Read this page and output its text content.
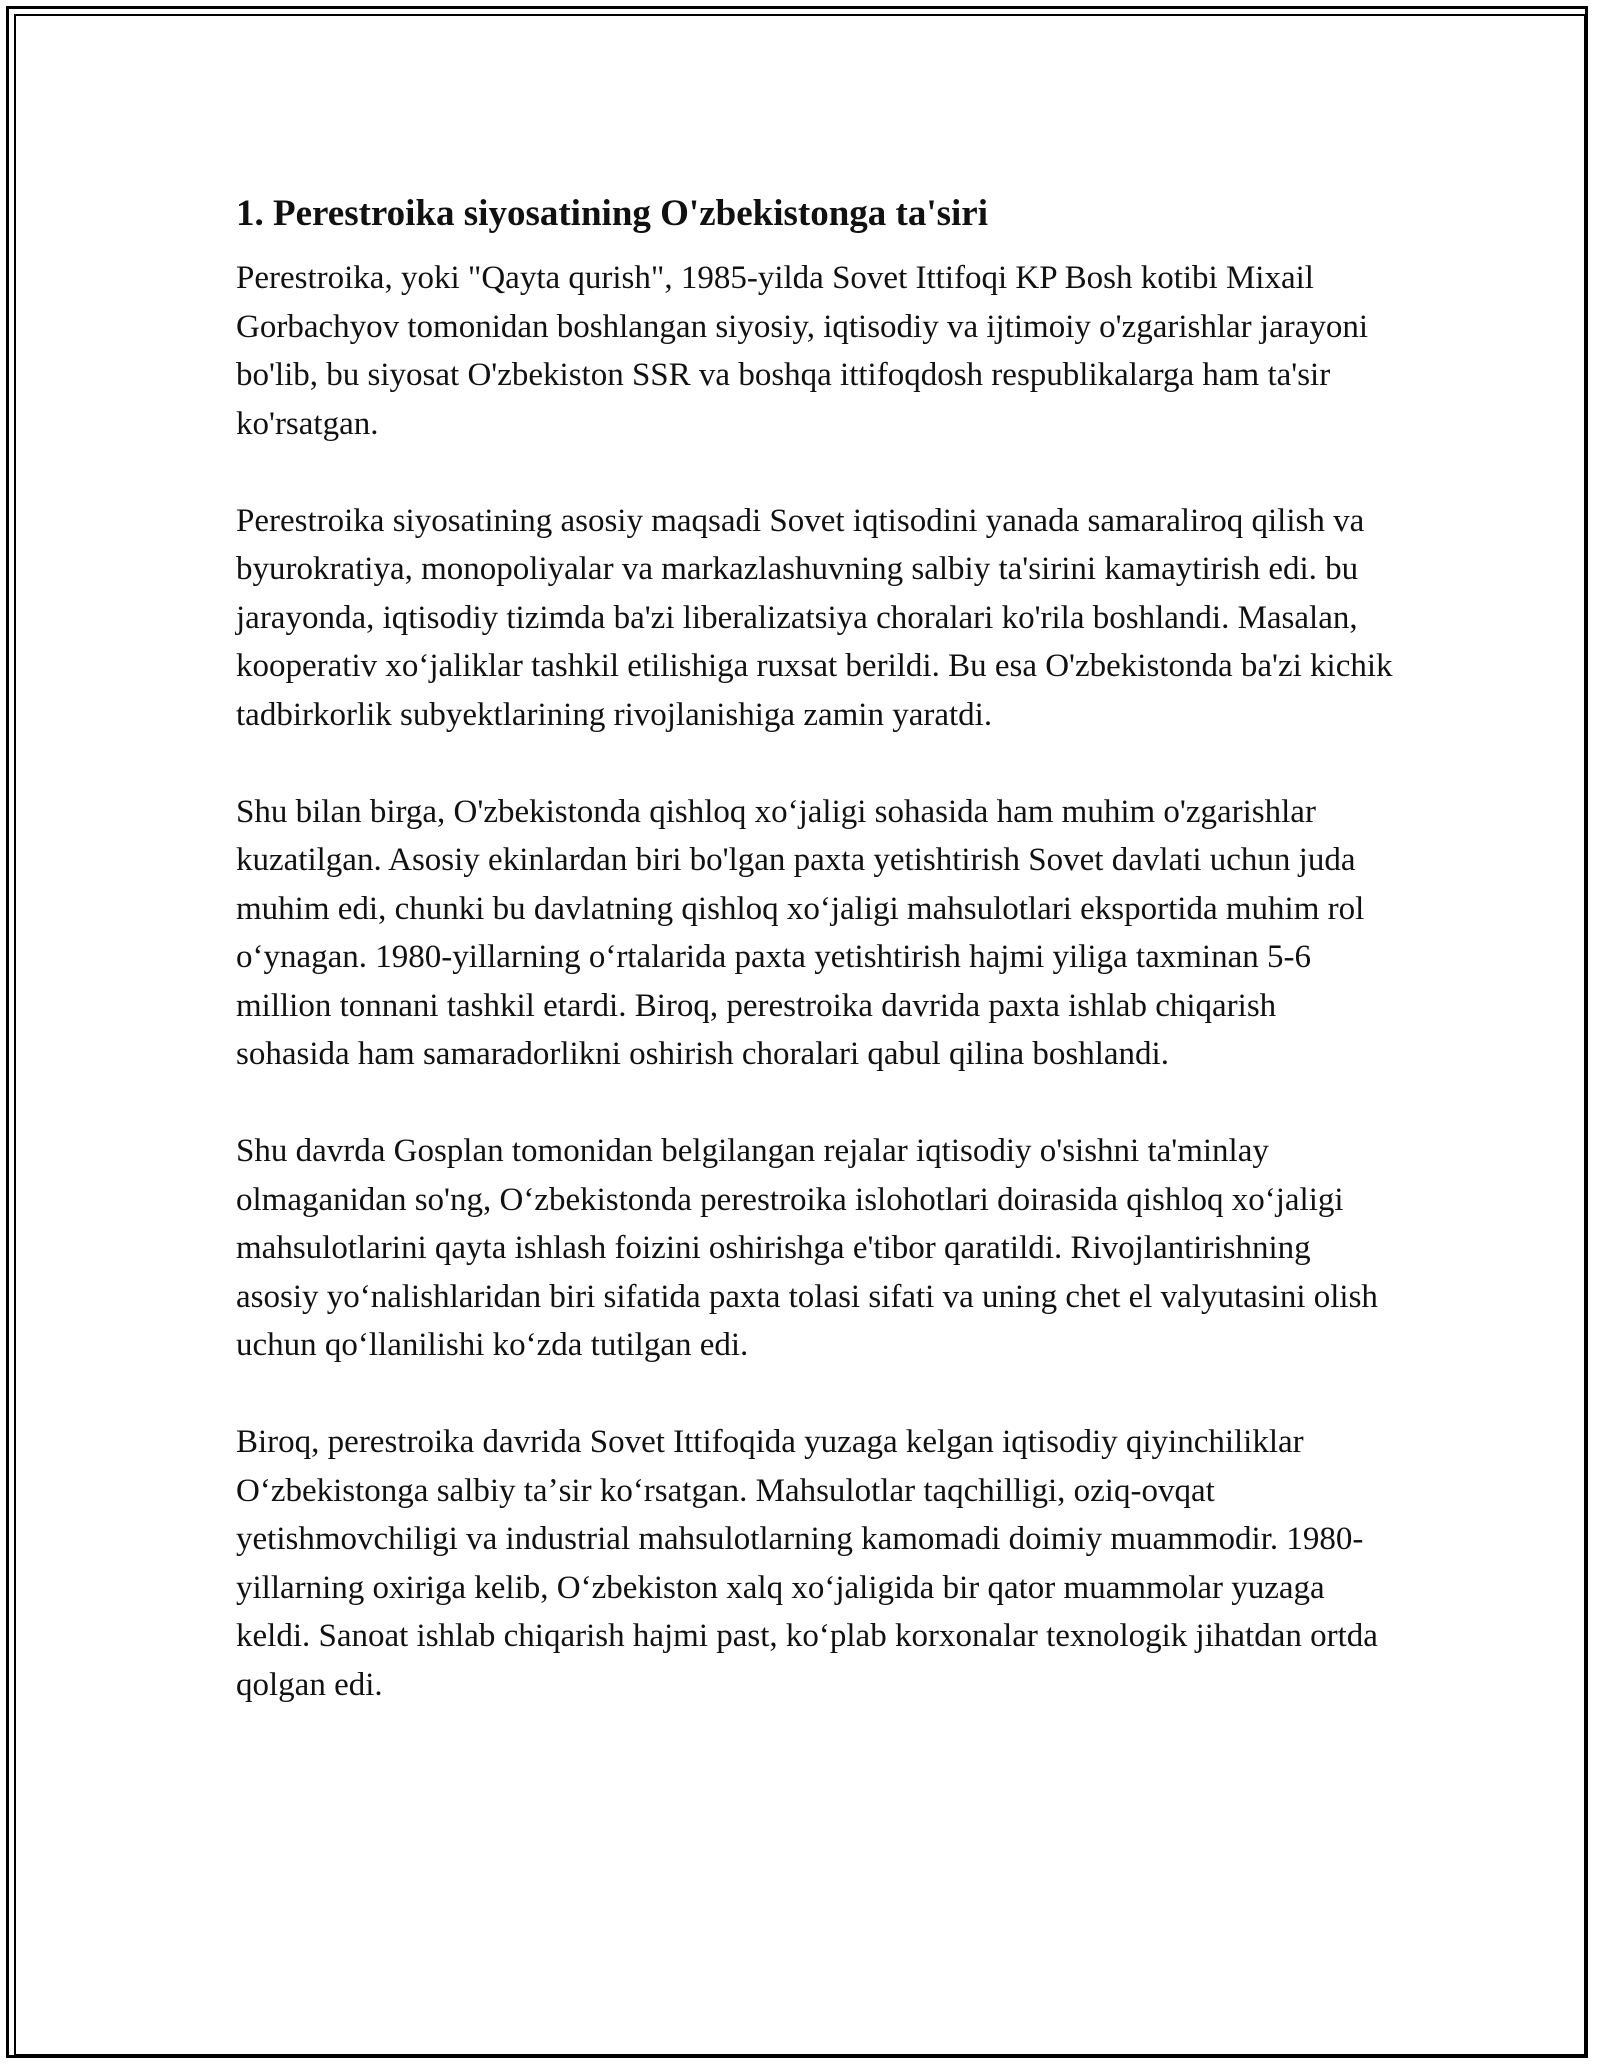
1. Perestroika siyosatining O'zbekistonga ta'siri

Perestroika, yoki "Qayta qurish", 1985-yilda Sovet Ittifoqi KP Bosh kotibi Mixail Gorbachyov tomonidan boshlangan siyosiy, iqtisodiy va ijtimoiy o'zgarishlar jarayoni bo'lib, bu siyosat O'zbekiston SSR va boshqa ittifoqdosh respublikalarga ham ta'sir ko'rsatgan.

Perestroika siyosatining asosiy maqsadi Sovet iqtisodini yanada samaraliroq qilish va byurokratiya, monopoliyalar va markazlashuvning salbiy ta'sirini kamaytirish edi. bu jarayonda, iqtisodiy tizimda ba'zi liberalizatsiya choralari ko'rila boshlandi. Masalan, kooperativ xoʻjaliklar tashkil etilishiga ruxsat berildi. Bu esa O'zbekistonda ba'zi kichik tadbirkorlik subyektlarining rivojlanishiga zamin yaratdi.

Shu bilan birga, O'zbekistonda qishloq xoʻjaligi sohasida ham muhim o'zgarishlar kuzatilgan. Asosiy ekinlardan biri bo'lgan paxta yetishtirish Sovet davlati uchun juda muhim edi, chunki bu davlatning qishloq xoʻjaligi mahsulotlari eksportida muhim rol oʻynagan. 1980-yillarning oʻrtalarida paxta yetishtirish hajmi yiliga taxminan 5-6 million tonnani tashkil etardi. Biroq, perestroika davrida paxta ishlab chiqarish sohasida ham samaradorlikni oshirish choralari qabul qilina boshlandi.

Shu davrda Gosplan tomonidan belgilangan rejalar iqtisodiy o'sishni ta'minlay olmaganidan so'ng, Oʻzbekistonda perestroika islohotlari doirasida qishloq xoʻjaligi mahsulotlarini qayta ishlash foizini oshirishga e'tibor qaratildi. Rivojlantirishning asosiy yoʻnalishlaridan biri sifatida paxta tolasi sifati va uning chet el valyutasini olish uchun qoʻllanilishi koʻzda tutilgan edi.

Biroq, perestroika davrida Sovet Ittifoqida yuzaga kelgan iqtisodiy qiyinchiliklar Oʻzbekistonga salbiy taʼsir koʻrsatgan. Mahsulotlar taqchilligi, oziq-ovqat yetishmovchiligi va industrial mahsulotlarning kamomadi doimiy muammodir. 1980-yillarning oxiriga kelib, Oʻzbekiston xalq xoʻjaligida bir qator muammolar yuzaga keldi. Sanoat ishlab chiqarish hajmi past, koʻplab korxonalar texnologik jihatdan ortda qolgan edi.
